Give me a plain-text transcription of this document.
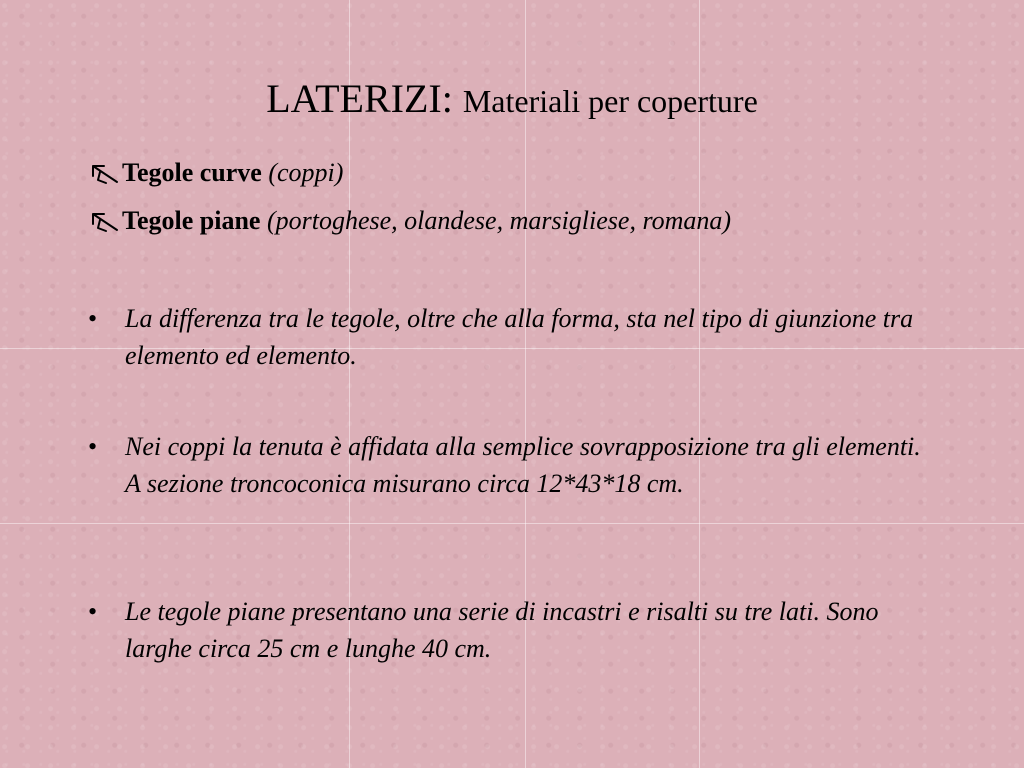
LATERIZI: Materiali per coperture
Tegole curve (coppi)
Tegole piane (portoghese, olandese, marsigliese, romana)
• La differenza tra le tegole, oltre che alla forma, sta nel tipo di giunzione tra elemento ed elemento.
• Nei coppi la tenuta è affidata alla semplice sovrapposizione tra gli elementi. A sezione troncoconica misurano circa 12*43*18 cm.
• Le tegole piane presentano una serie di incastri e risalti su tre lati. Sono larghe circa 25 cm e lunghe 40 cm.
